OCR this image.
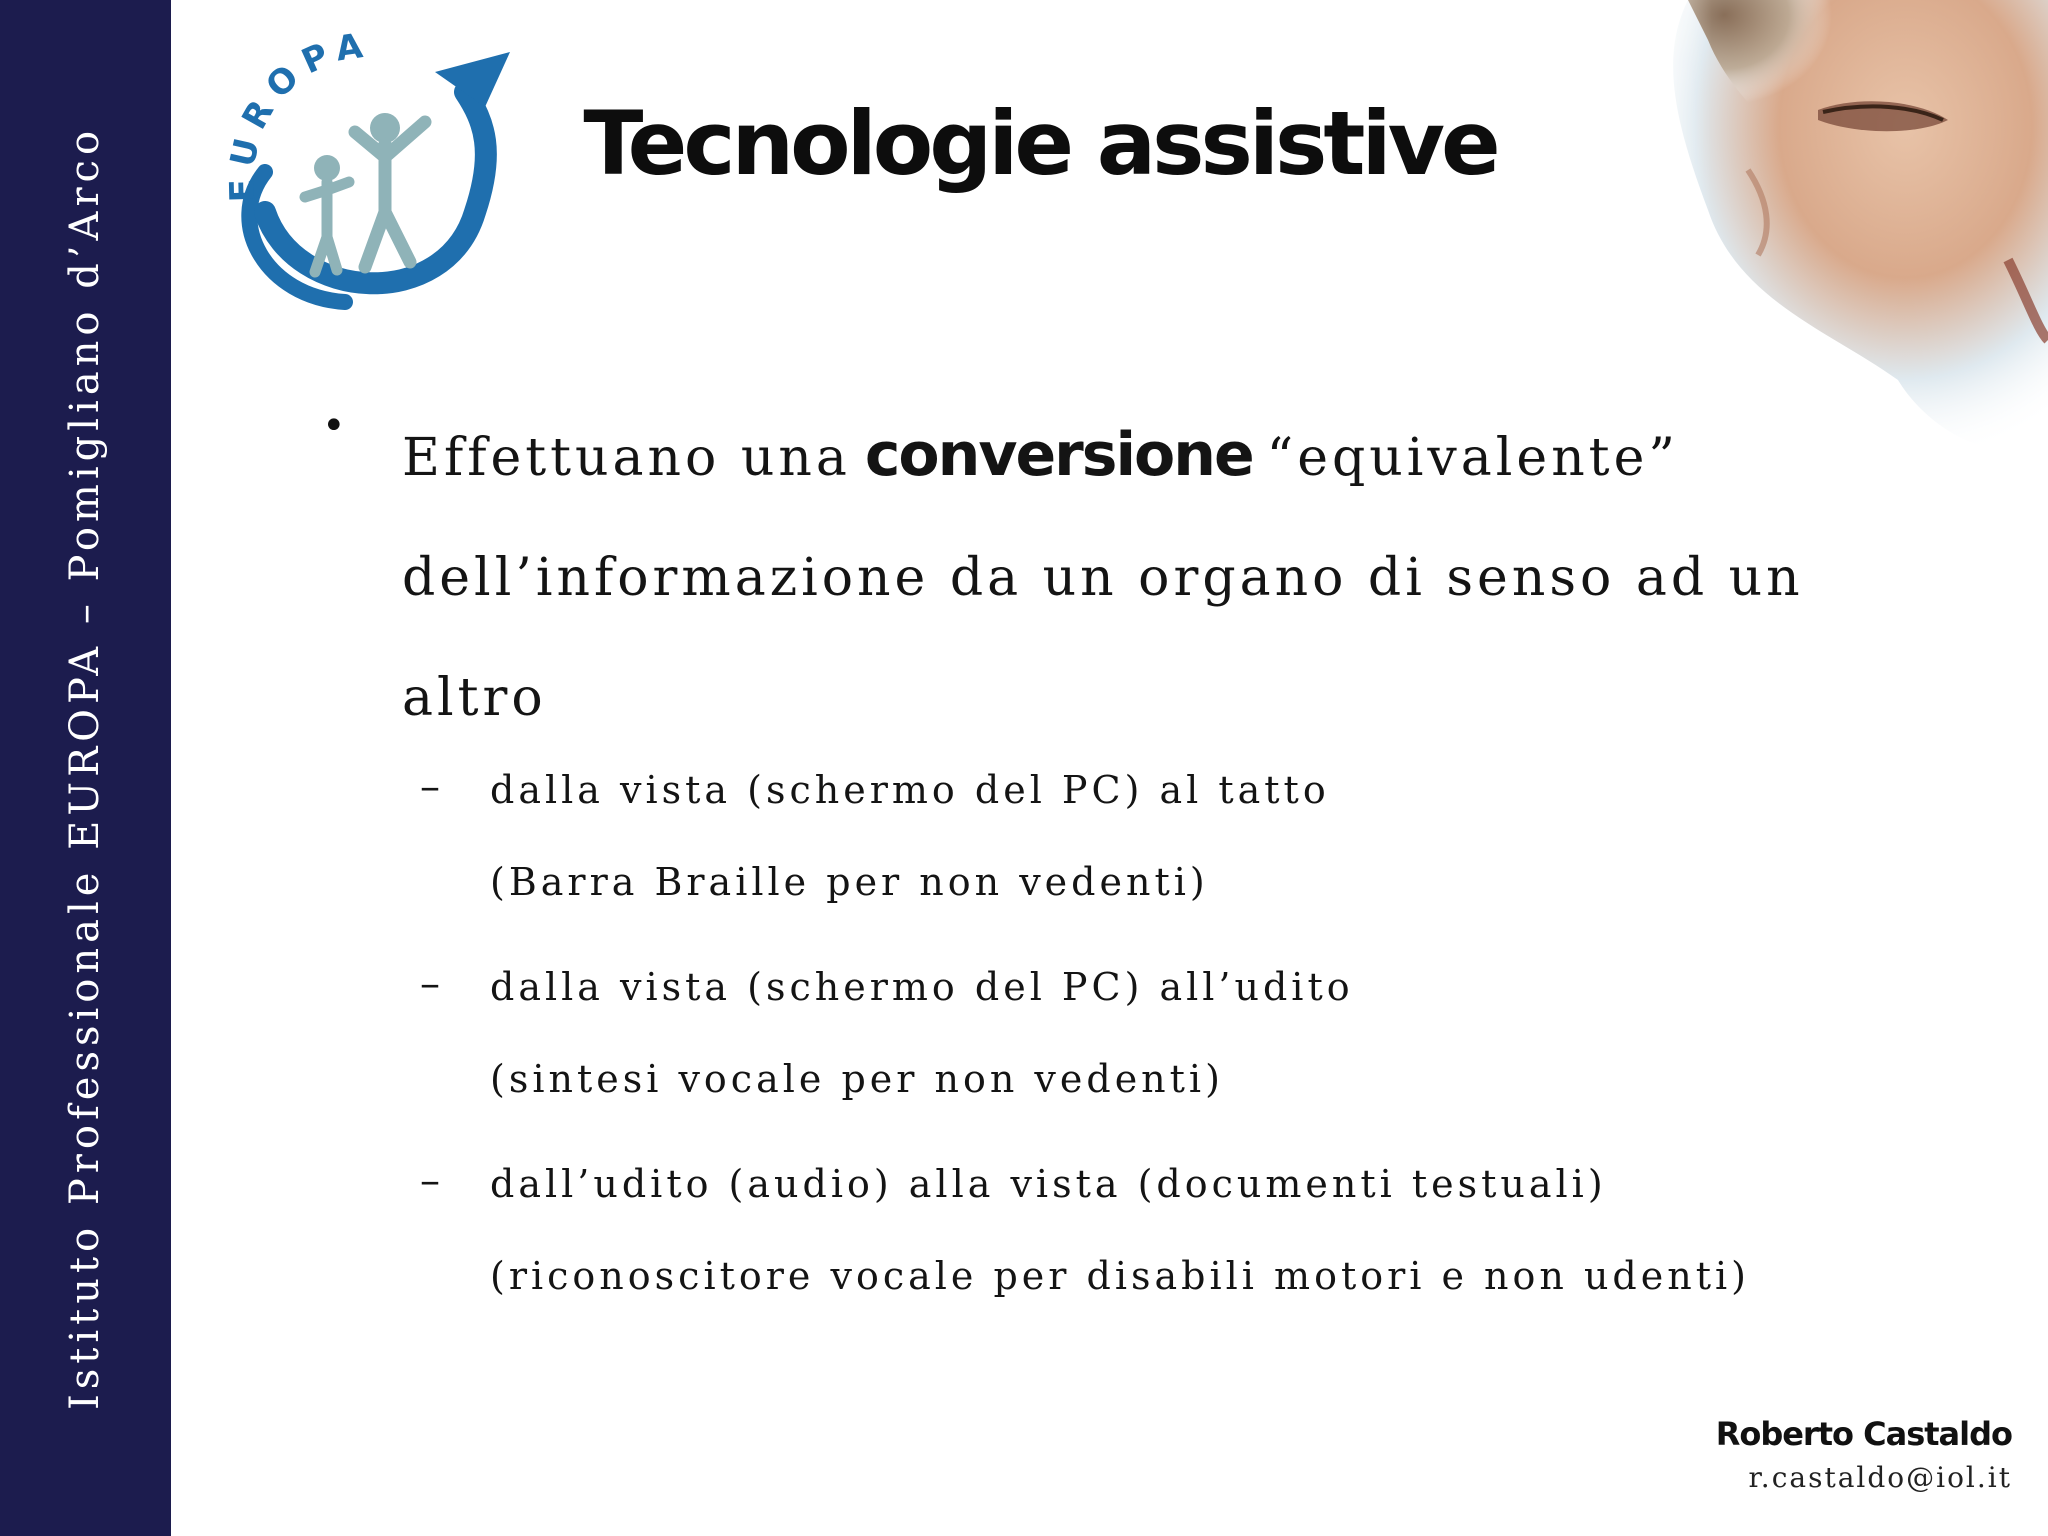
Istituto Professionale EUROPA – Pomigliano d’Arco	EUROPA
Tecnologie assistive
•
Effettuano una conversione “equivalente” dell’informazione da un organo di senso ad un altro
– dalla vista (schermo del PC) al tatto
(Barra Braille per non vedenti)
– dalla vista (schermo del PC) all’udito
(sintesi vocale per non vedenti)
– dall’udito (audio) alla vista (documenti testuali)
(riconoscitore vocale per disabili motori e non udenti)
Roberto Castaldo
r.castaldo@iol.it
